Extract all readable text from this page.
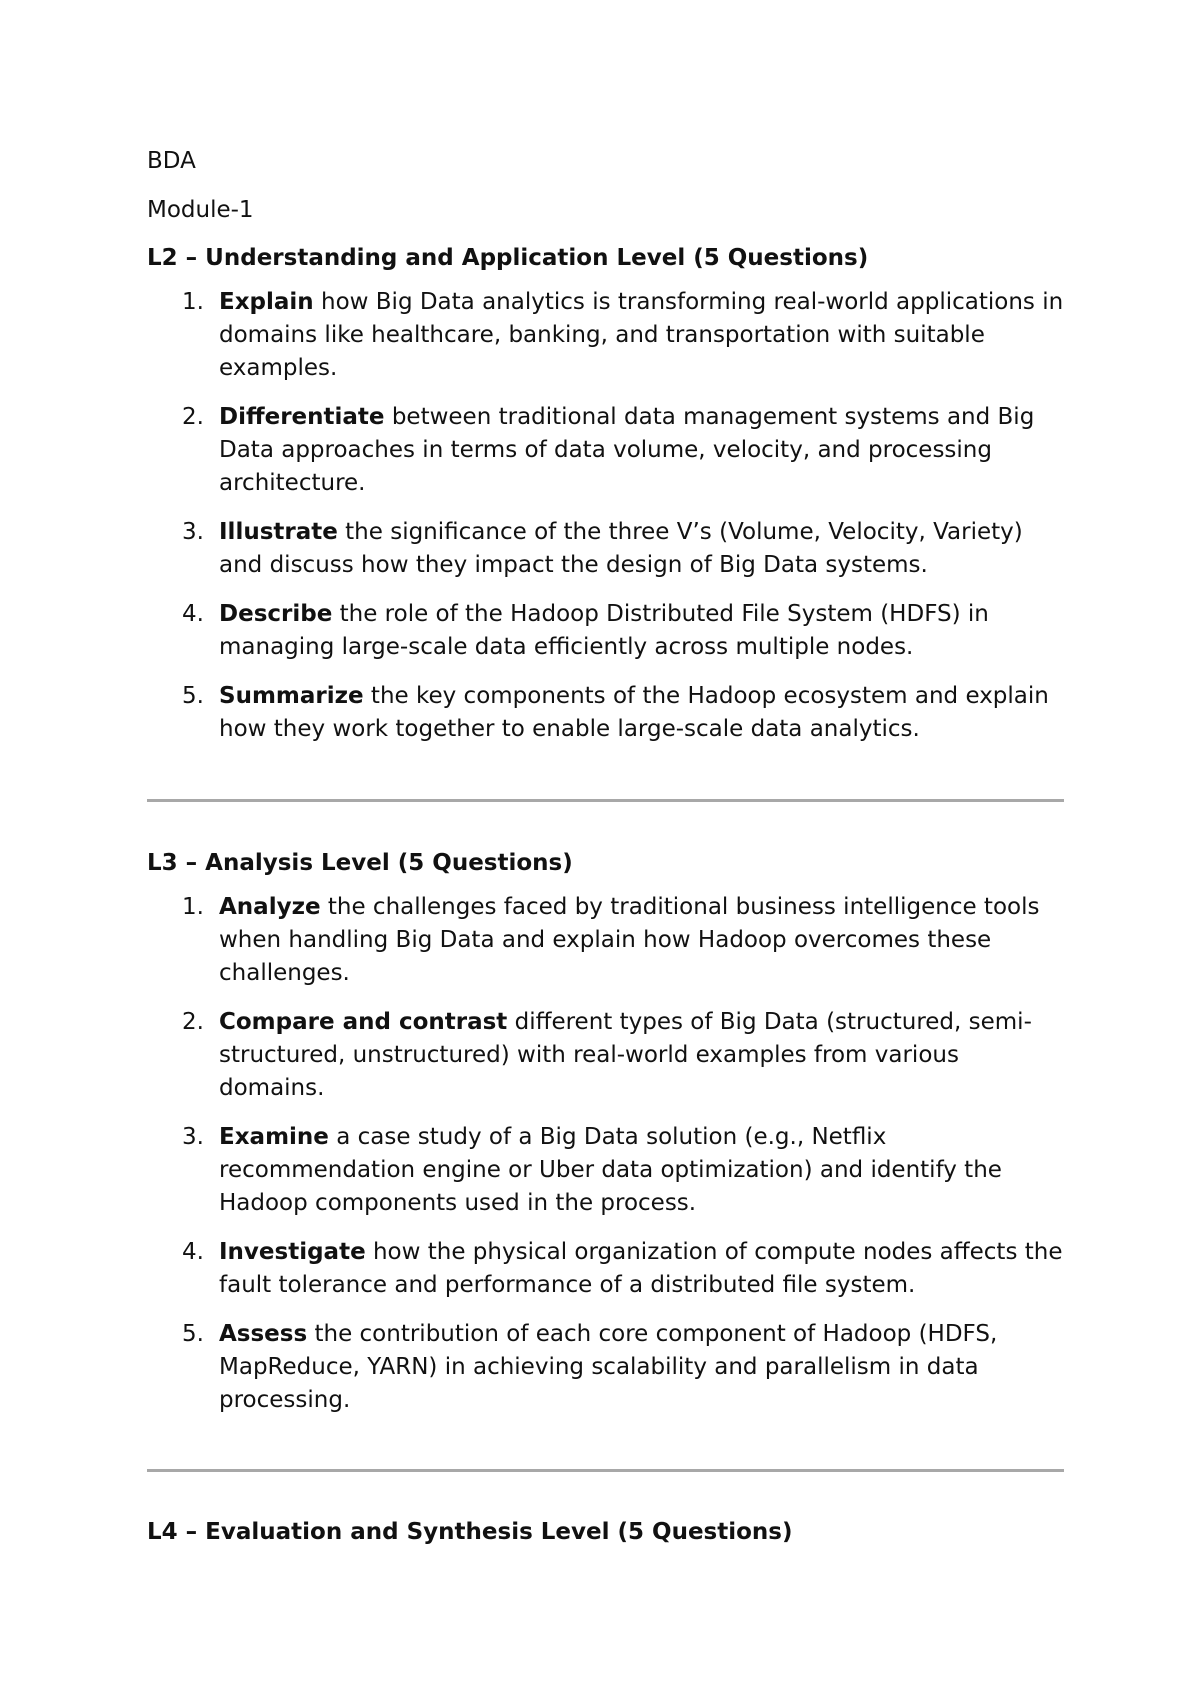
BDA

Module-1

L2 – Understanding and Application Level (5 Questions)
1. Explain how Big Data analytics is transforming real-world applications in domains like healthcare, banking, and transportation with suitable examples.
2. Differentiate between traditional data management systems and Big Data approaches in terms of data volume, velocity, and processing architecture.
3. Illustrate the significance of the three V’s (Volume, Velocity, Variety) and discuss how they impact the design of Big Data systems.
4. Describe the role of the Hadoop Distributed File System (HDFS) in managing large-scale data efficiently across multiple nodes.
5. Summarize the key components of the Hadoop ecosystem and explain how they work together to enable large-scale data analytics.
L3 – Analysis Level (5 Questions)
1. Analyze the challenges faced by traditional business intelligence tools when handling Big Data and explain how Hadoop overcomes these challenges.
2. Compare and contrast different types of Big Data (structured, semi-structured, unstructured) with real-world examples from various domains.
3. Examine a case study of a Big Data solution (e.g., Netflix recommendation engine or Uber data optimization) and identify the Hadoop components used in the process.
4. Investigate how the physical organization of compute nodes affects the fault tolerance and performance of a distributed file system.
5. Assess the contribution of each core component of Hadoop (HDFS, MapReduce, YARN) in achieving scalability and parallelism in data processing.
L4 – Evaluation and Synthesis Level (5 Questions)
